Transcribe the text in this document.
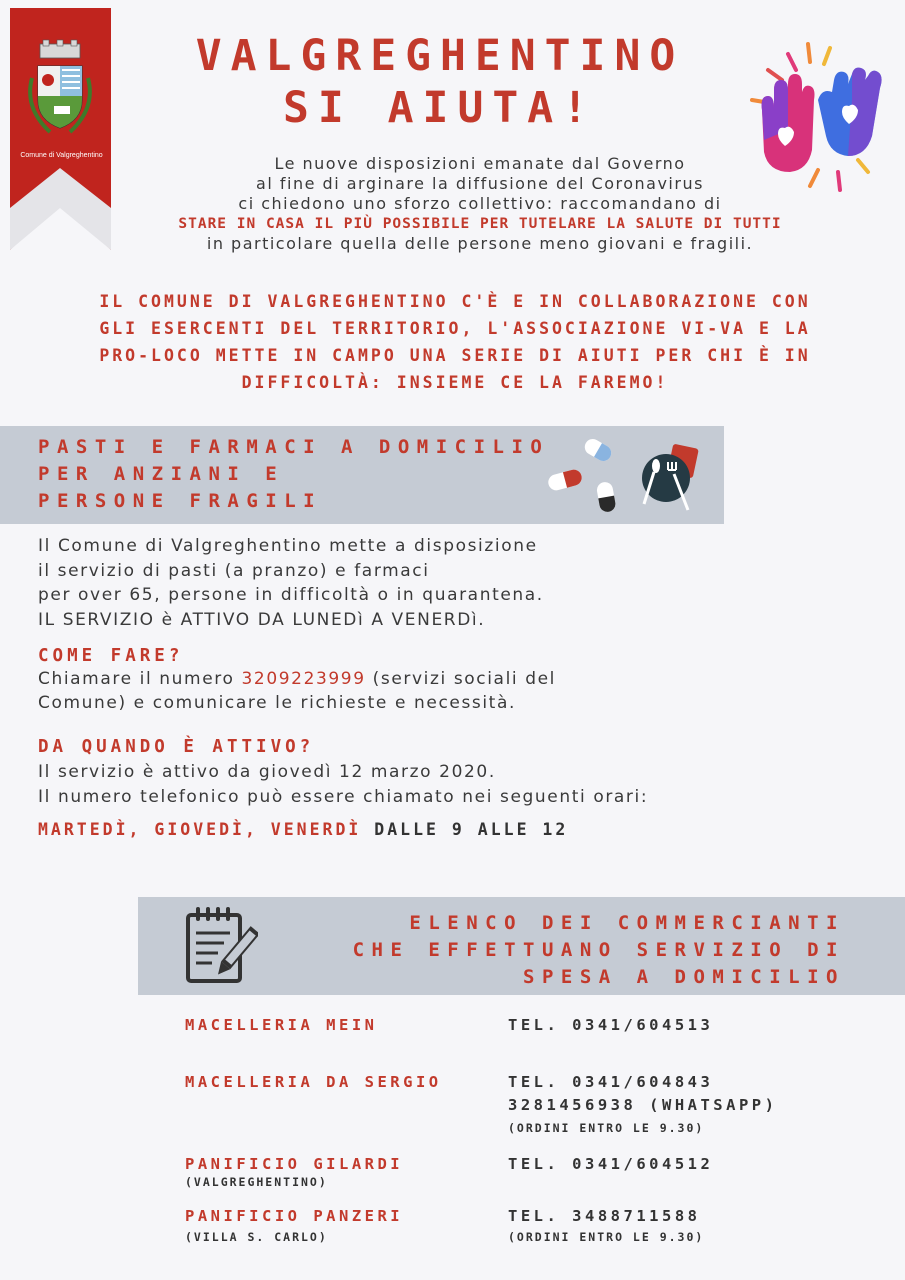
Comune di Valgreghentino
VALGREGHENTINO
SI AIUTA!
Le nuove disposizioni emanate dal Governo
al fine di arginare la diffusione del Coronavirus
ci chiedono uno sforzo collettivo: raccomandano di
STARE IN CASA IL PIÙ POSSIBILE PER TUTELARE LA SALUTE DI TUTTI
in particolare quella delle persone meno giovani e fragili.
IL COMUNE DI VALGREGHENTINO C'È E IN COLLABORAZIONE CON
GLI ESERCENTI DEL TERRITORIO, L'ASSOCIAZIONE VI-VA E LA
PRO-LOCO METTE IN CAMPO UNA SERIE DI AIUTI PER CHI È IN
DIFFICOLTÀ: INSIEME CE LA FAREMO!
PASTI E FARMACI A DOMICILIO
PER ANZIANI E
PERSONE FRAGILI
Il Comune di Valgreghentino mette a disposizione
il servizio di pasti (a pranzo) e farmaci
per over 65, persone in difficoltà o in quarantena.
IL SERVIZIO è ATTIVO DA LUNEDì A VENERDì.
COME FARE?
Chiamare il numero 3209223999 (servizi sociali del
Comune) e comunicare le richieste e necessità.
DA QUANDO È ATTIVO?
Il servizio è attivo da giovedì 12 marzo 2020.
Il numero telefonico può essere chiamato nei seguenti orari:
MARTEDÌ, GIOVEDÌ, VENERDÌ DALLE 9 ALLE 12
ELENCO DEI COMMERCIANTI
CHE EFFETTUANO SERVIZIO DI
SPESA A DOMICILIO
MACELLERIA MEIN	TEL. 0341/604513
MACELLERIA DA SERGIO	TEL. 0341/604843
3281456938 (WHATSAPP)
(ORDINI ENTRO LE 9.30)
PANIFICIO GILARDI
(VALGREGHENTINO)
TEL. 0341/604512
PANIFICIO PANZERI
(VILLA S. CARLO)
TEL. 3488711588
(ORDINI ENTRO LE 9.30)
